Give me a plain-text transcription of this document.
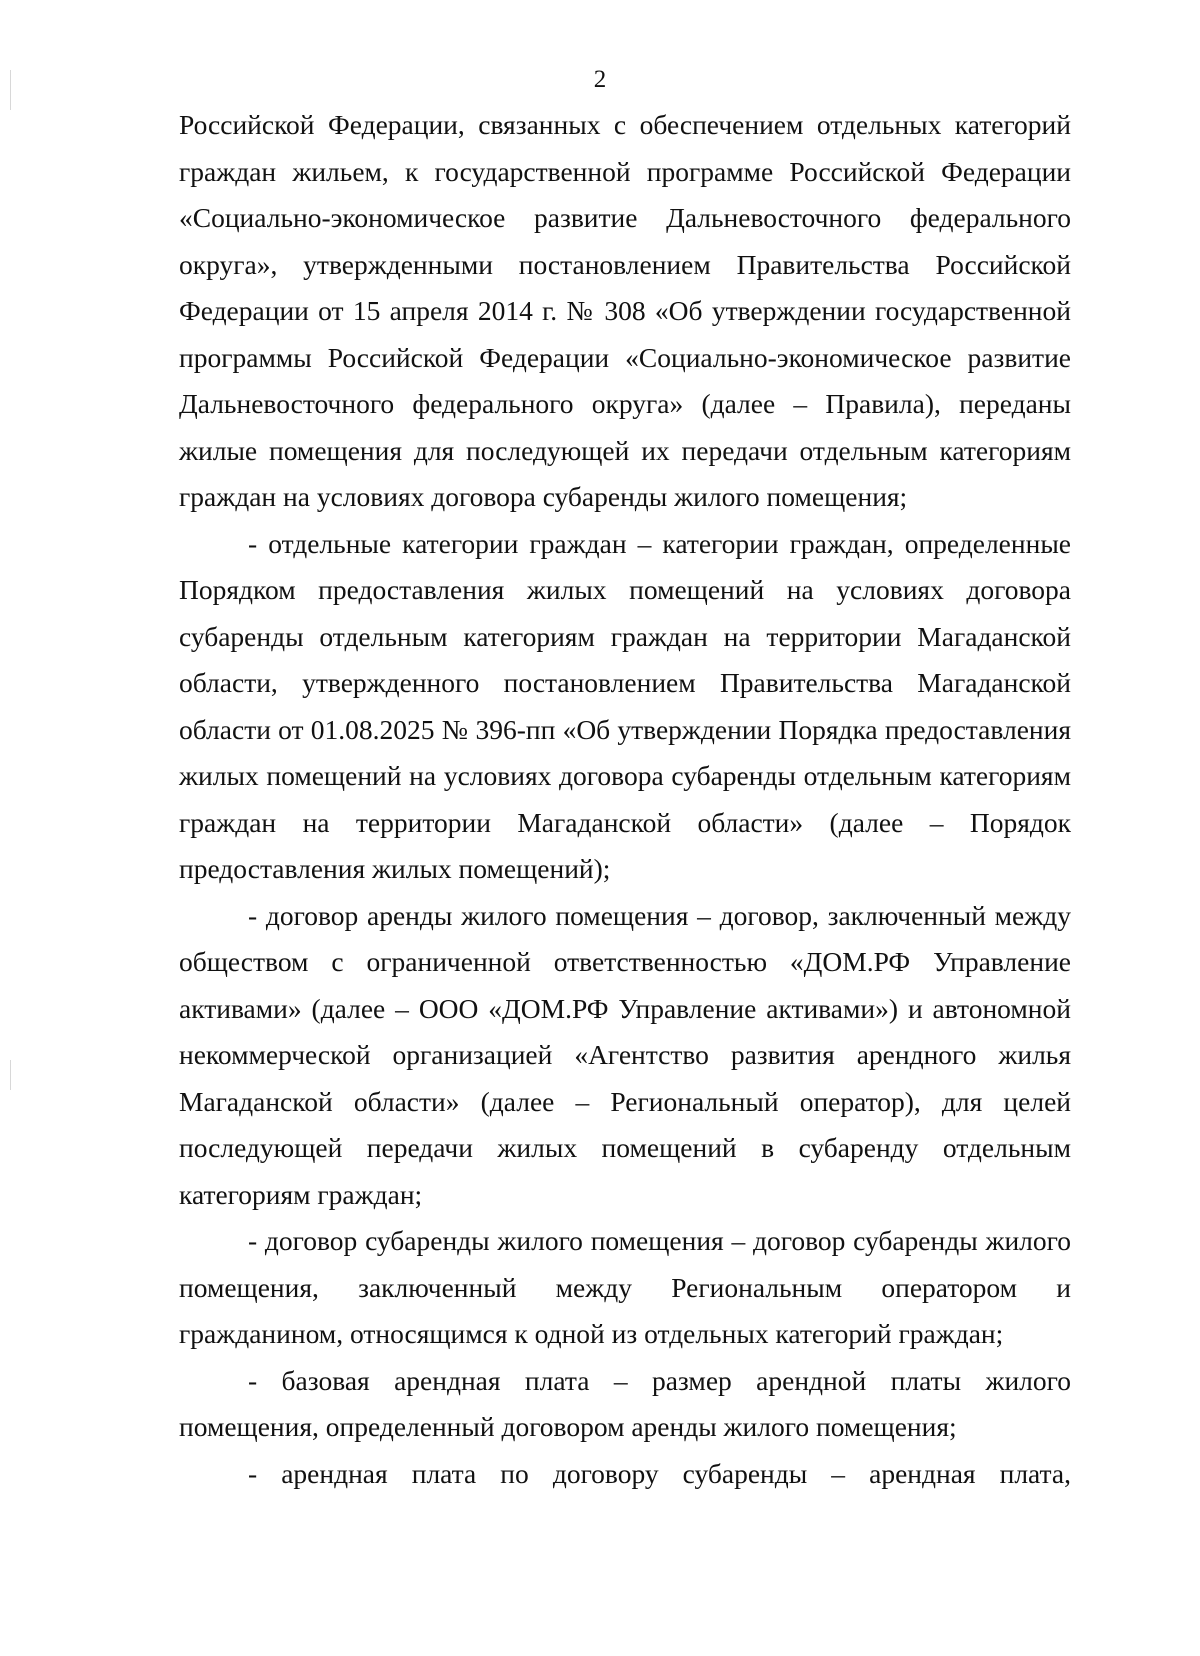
2

Российской Федерации, связанных с обеспечением отдельных категорий граждан жильем, к государственной программе Российской Федерации «Социально-экономическое развитие Дальневосточного федерального округа», утвержденными постановлением Правительства Российской Федерации от 15 апреля 2014 г. № 308 «Об утверждении государственной программы Российской Федерации «Социально-экономическое развитие Дальневосточного федерального округа» (далее – Правила), переданы жилые помещения для последующей их передачи отдельным категориям граждан на условиях договора субаренды жилого помещения;

- отдельные категории граждан – категории граждан, определенные Порядком предоставления жилых помещений на условиях договора субаренды отдельным категориям граждан на территории Магаданской области, утвержденного постановлением Правительства Магаданской области от 01.08.2025 № 396-пп «Об утверждении Порядка предоставления жилых помещений на условиях договора субаренды отдельным категориям граждан на территории Магаданской области» (далее – Порядок предоставления жилых помещений);

- договор аренды жилого помещения – договор, заключенный между обществом с ограниченной ответственностью «ДОМ.РФ Управление активами» (далее – ООО «ДОМ.РФ Управление активами») и автономной некоммерческой организацией «Агентство развития арендного жилья Магаданской области» (далее – Региональный оператор), для целей последующей передачи жилых помещений в субаренду отдельным категориям граждан;

- договор субаренды жилого помещения – договор субаренды жилого помещения, заключенный между Региональным оператором и гражданином, относящимся к одной из отдельных категорий граждан;

- базовая арендная плата – размер арендной платы жилого помещения, определенный договором аренды жилого помещения;

- арендная плата по договору субаренды – арендная плата,
